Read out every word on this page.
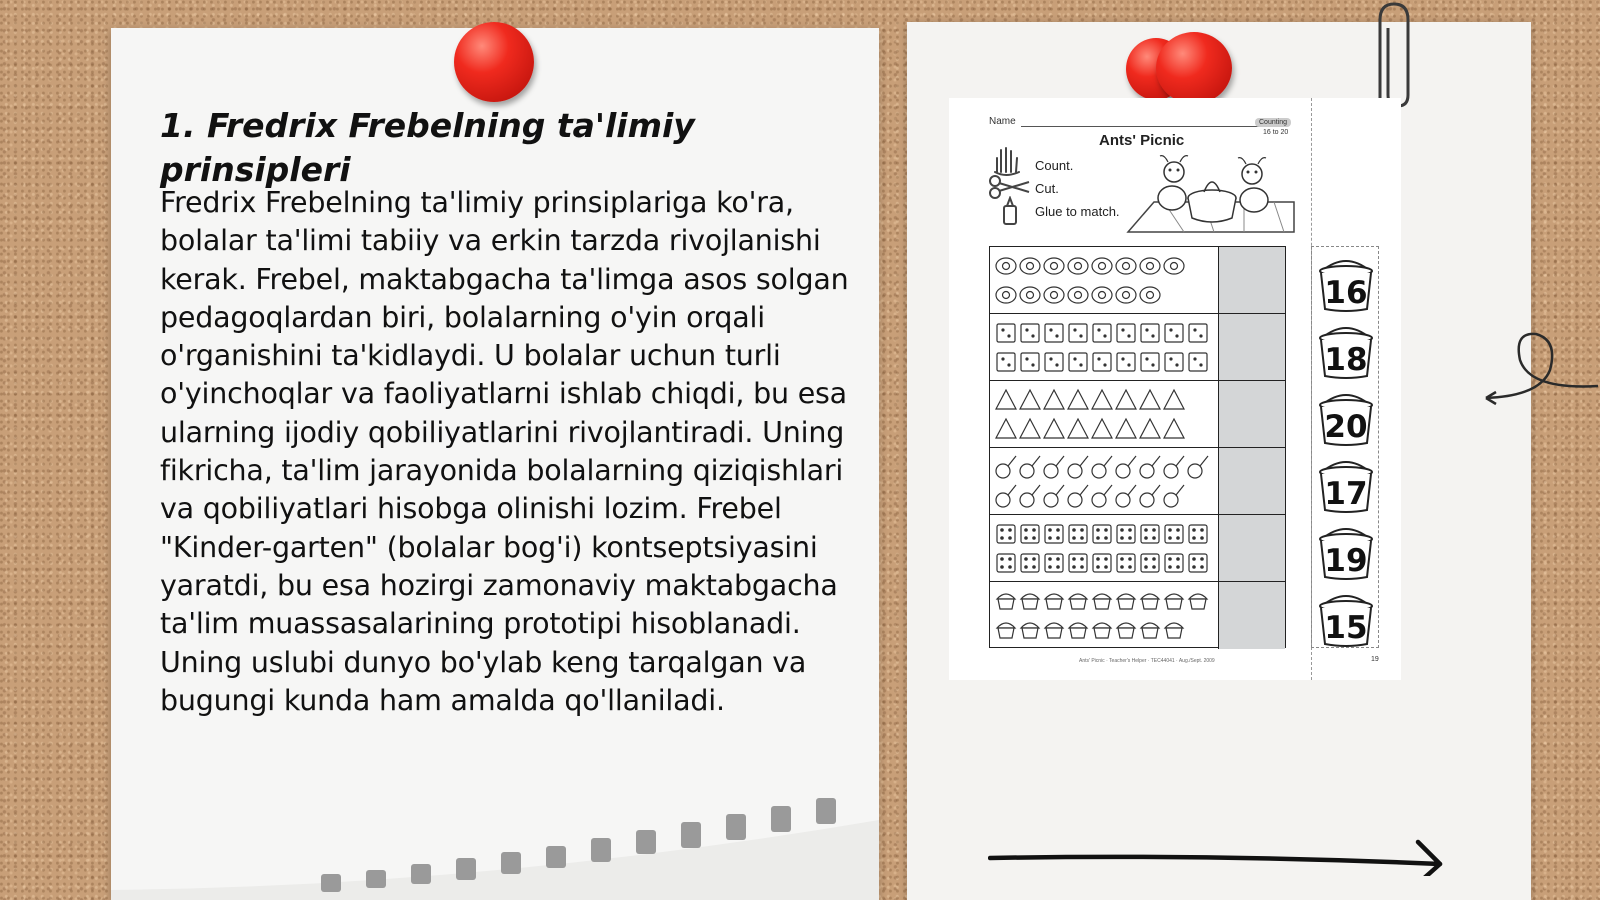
1. Fredrix Frebelning ta'limiy prinsipleri
Fredrix Frebelning ta'limiy prinsiplariga ko'ra, bolalar ta'limi tabiiy va erkin tarzda rivojlanishi kerak. Frebel, maktabgacha ta'limga asos solgan pedagoqlardan biri, bolalarning o'yin orqali o'rganishini ta'kidlaydi. U bolalar uchun turli o'yinchoqlar va faoliyatlarni ishlab chiqdi, bu esa ularning ijodiy qobiliyatlarini rivojlantiradi. Uning fikricha, ta'lim jarayonida bolalarning qiziqishlari va qobiliyatlari hisobga olinishi lozim. Frebel "Kinder-garten" (bolalar bog'i) kontseptsiyasini yaratdi, bu esa hozirgi zamonaviy maktabgacha ta'lim muassasalarining prototipi hisoblanadi. Uning uslubi dunyo bo'ylab keng tarqalgan va bugungi kunda ham amalda qo'llaniladi.
Name	Counting
16 to 20
Ants' Picnic
Count.
Cut.
Glue to match.
16
18
20
17
19
15
Ants' Picnic · Teacher's Helper · TEC44041 · Aug./Sept. 2009	19
